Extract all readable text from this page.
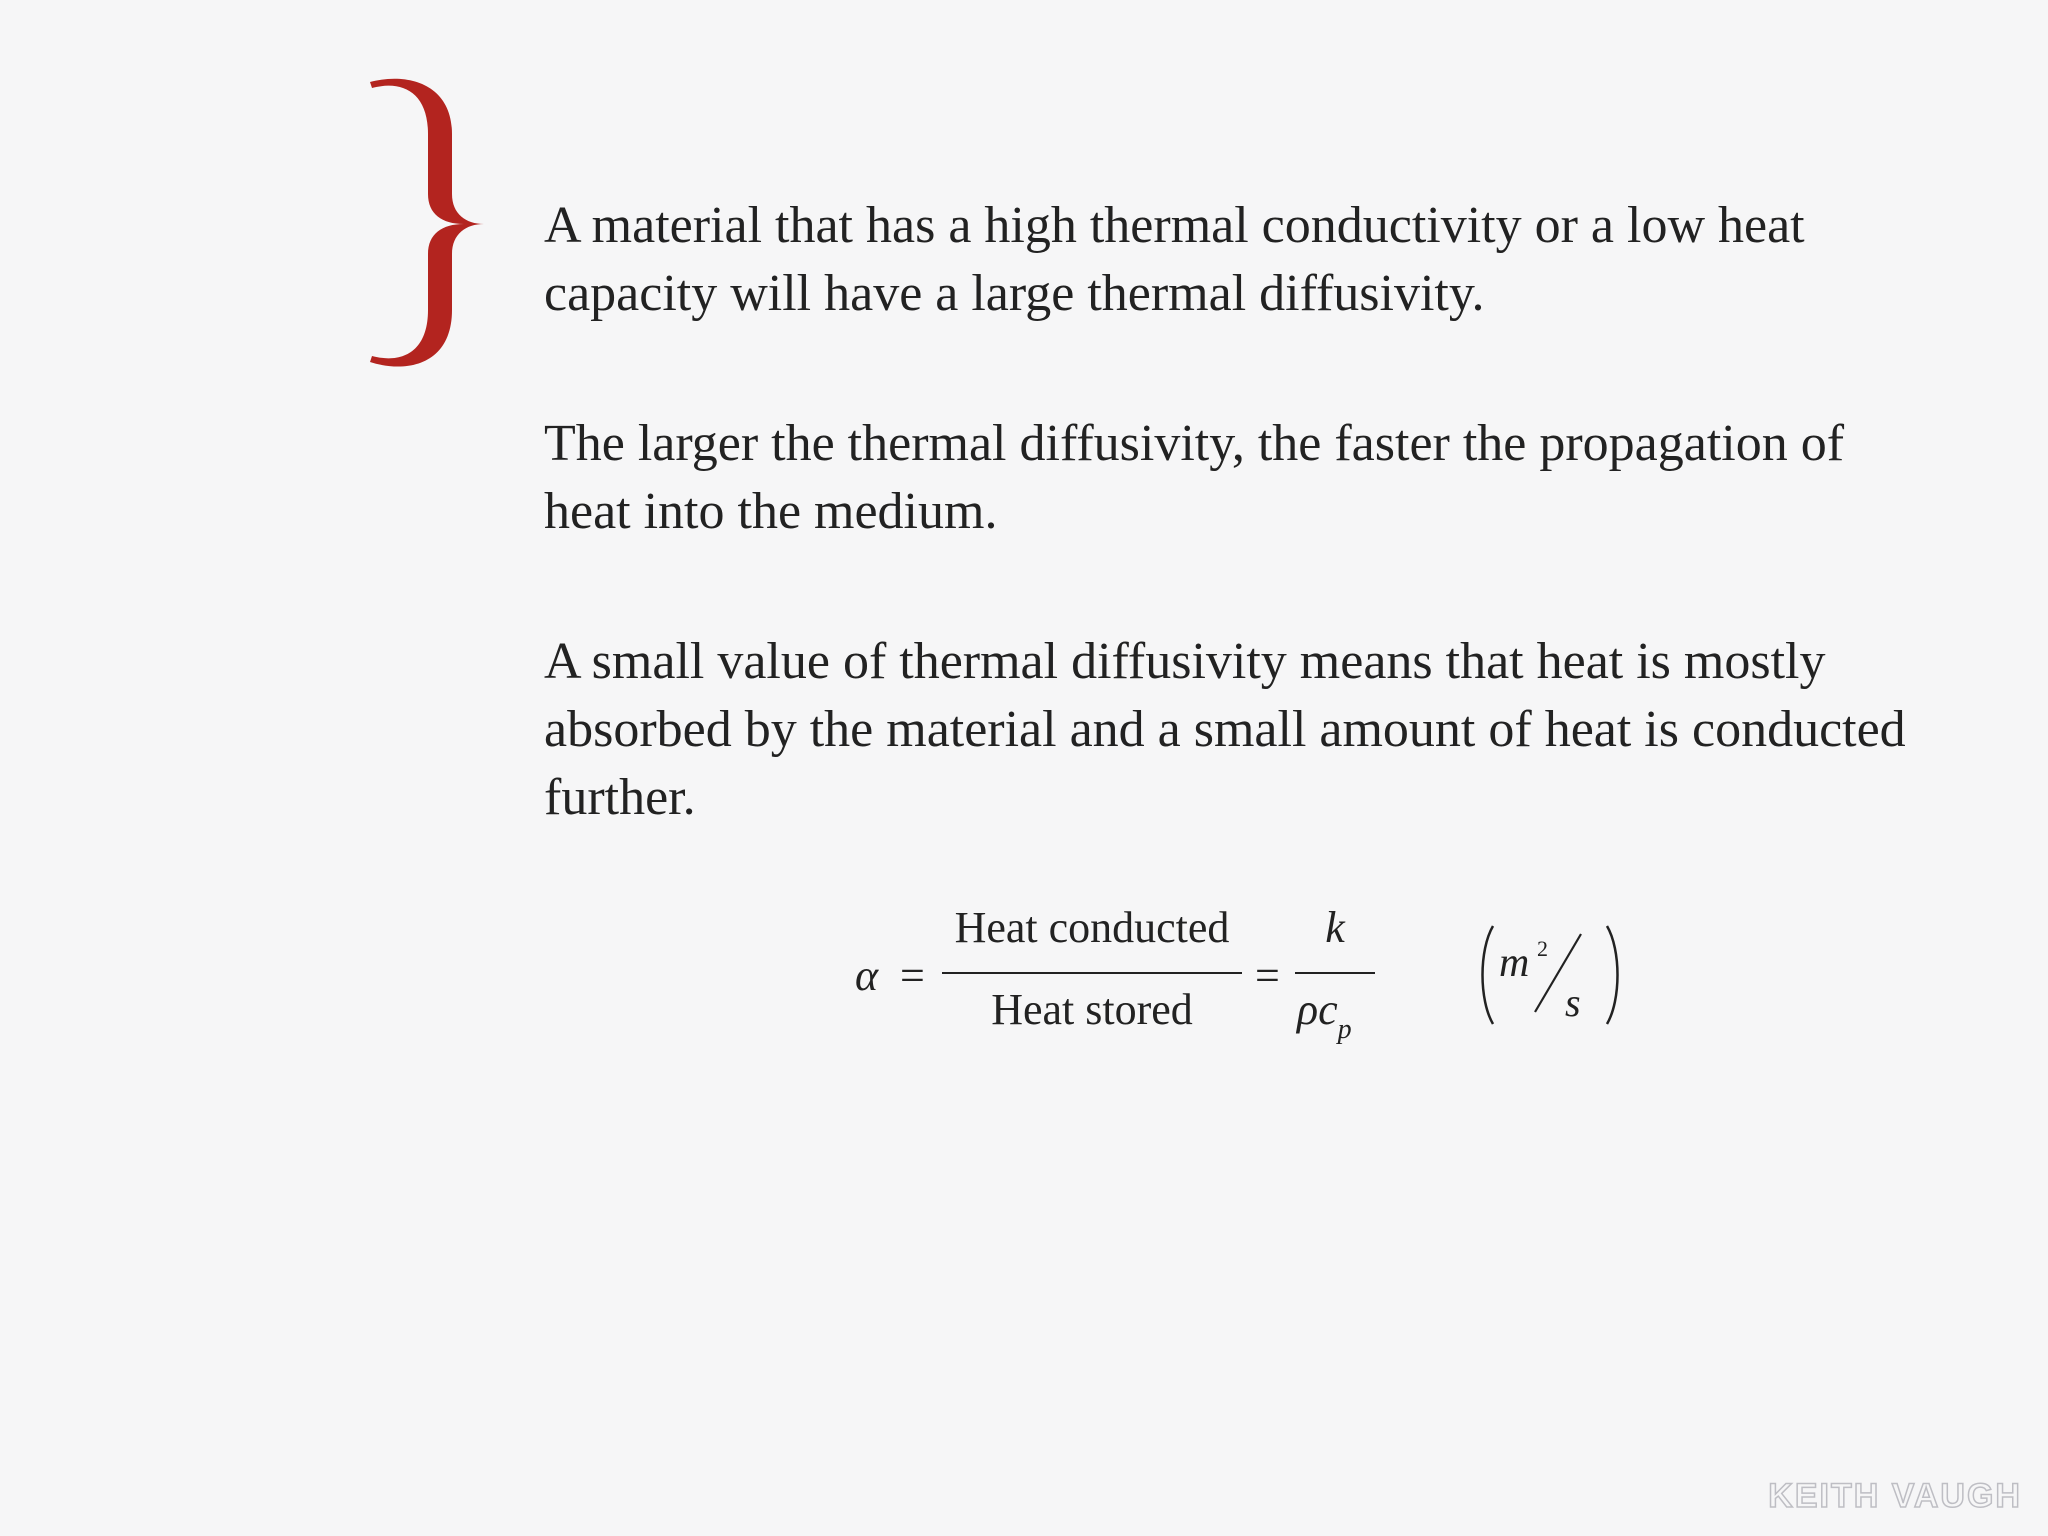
A material that has a high thermal conductivity or a low heat capacity will have a large thermal diffusivity.

The larger the thermal diffusivity, the faster the propagation of heat into the medium.

A small value of thermal diffusivity means that heat is mostly absorbed by the material and a small amount of heat is conducted further.

α =
Heat conducted
Heat stored
=
k
$\rho c_p$
m 2
s
KEITH VAUGH
